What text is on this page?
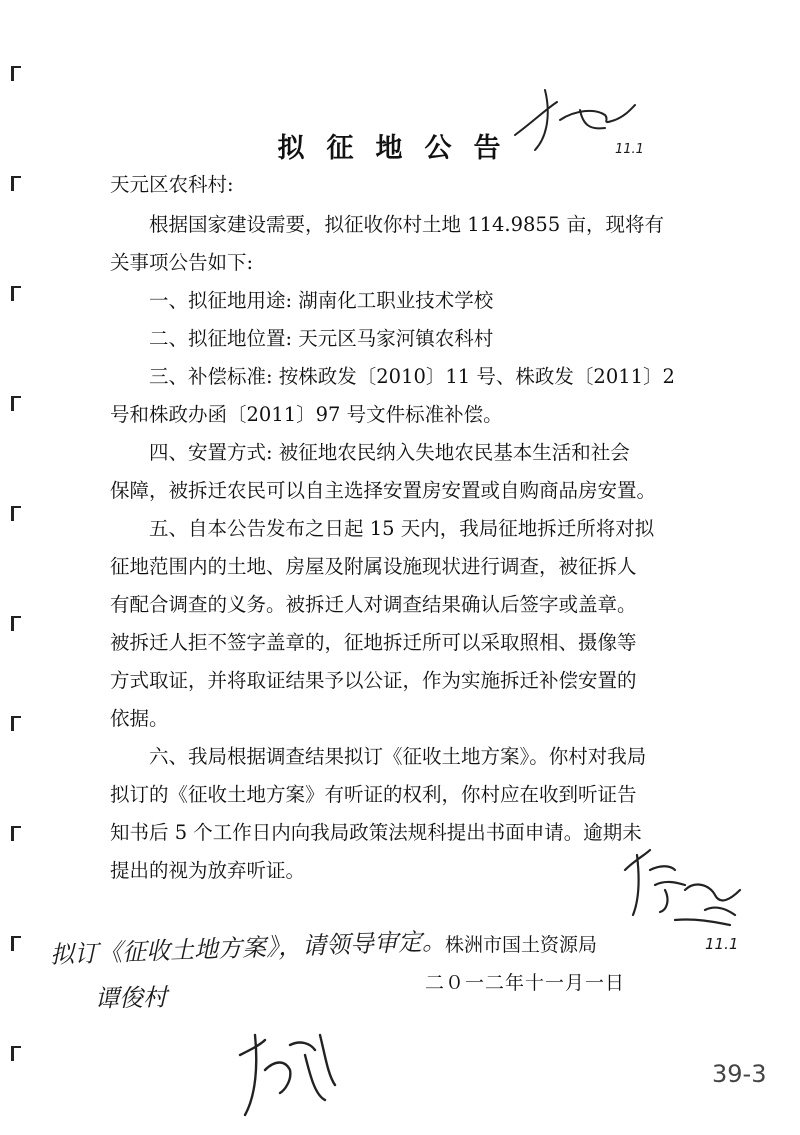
拟征地公告	11.1
天元区农科村:
　　根据国家建设需要，拟征收你村土地 114.9855 亩，现将有
关事项公告如下:
　　一、拟征地用途: 湖南化工职业技术学校
　　二、拟征地位置: 天元区马家河镇农科村
　　三、补偿标准: 按株政发〔2010〕11 号、株政发〔2011〕2
号和株政办函〔2011〕97 号文件标准补偿。
　　四、安置方式: 被征地农民纳入失地农民基本生活和社会
保障，被拆迁农民可以自主选择安置房安置或自购商品房安置。
　　五、自本公告发布之日起 15 天内，我局征地拆迁所将对拟
征地范围内的土地、房屋及附属设施现状进行调查，被征拆人
有配合调查的义务。被拆迁人对调查结果确认后签字或盖章。
被拆迁人拒不签字盖章的，征地拆迁所可以采取照相、摄像等
方式取证，并将取证结果予以公证，作为实施拆迁补偿安置的
依据。
　　六、我局根据调查结果拟订《征收土地方案》。你村对我局
拟订的《征收土地方案》有听证的权利，你村应在收到听证告
知书后 5 个工作日内向我局政策法规科提出书面申请。逾期未
提出的视为放弃听证。
11.1
株洲市国土资源局
二０一二年十一月一日
拟订《征收土地方案》，请领导审定。
谭俊村
39-3
